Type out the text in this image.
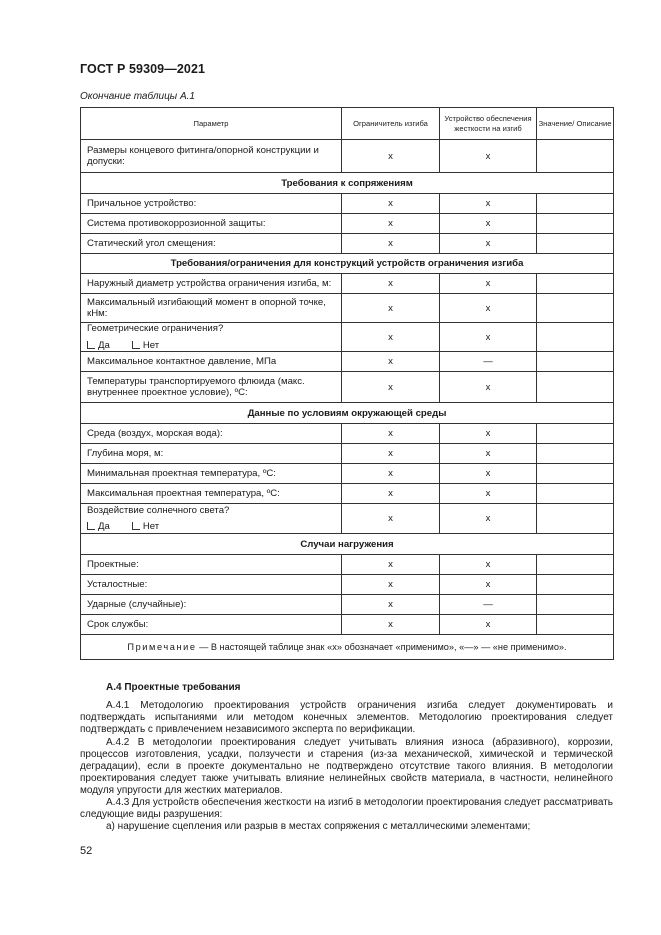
ГОСТ Р 59309—2021
Окончание таблицы А.1
Параметр	Ограничитель изгиба	Устройство обеспечения жесткости на изгиб	Значение/ Описание
Размеры концевого фитинга/опорной конструкции и допуски:	x	x	
Требования к сопряжениям			
Причальное устройство:	x	x	
Система противокоррозионной защиты:	x	x	
Статический угол смещения:	x	x	
Требования/ограничения для конструкций устройств ограничения изгиба			
Наружный диаметр устройства ограничения изгиба, м:	x	x	
Максимальный изгибающий момент в опорной точке, кНм:	x	x	
Геометрические ограничения?
Да Нет	x	x	
Максимальное контактное давление, МПа	x	—	
Температуры транспортируемого флюида (макс. внутреннее проектное условие), ºС:	x	x	
Данные по условиям окружающей среды			
Среда (воздух, морская вода):	x	x	
Глубина моря, м:	x	x	
Минимальная проектная температура, ºС:	x	x	
Максимальная проектная температура, ºС:	x	x	
Воздействие солнечного света?
Да Нет	x	x	
Случаи нагружения			
Проектные:	x	x	
Усталостные:	x	x	
Ударные (случайные):	x	—	
Срок службы:	x	x	
Примечание — В настоящей таблице знак «x» обозначает «применимо», «—» — «не применимо».			
А.4 Проектные требования
А.4.1 Методологию проектирования устройств ограничения изгиба следует документировать и подтверждать испытаниями или методом конечных элементов. Методологию проектирования следует подтверждать с привлечением независимого эксперта по верификации.
А.4.2 В методологии проектирования следует учитывать влияния износа (абразивного), коррозии, процессов изготовления, усадки, ползучести и старения (из-за механической, химической и термической деградации), если в проекте документально не подтверждено отсутствие такого влияния. В методологии проектирования следует также учитывать влияние нелинейных свойств материала, в частности, нелинейного модуля упругости для жестких материалов.
А.4.3 Для устройств обеспечения жесткости на изгиб в методологии проектирования следует рассматривать следующие виды разрушения:
а) нарушение сцепления или разрыв в местах сопряжения с металлическими элементами;
52
